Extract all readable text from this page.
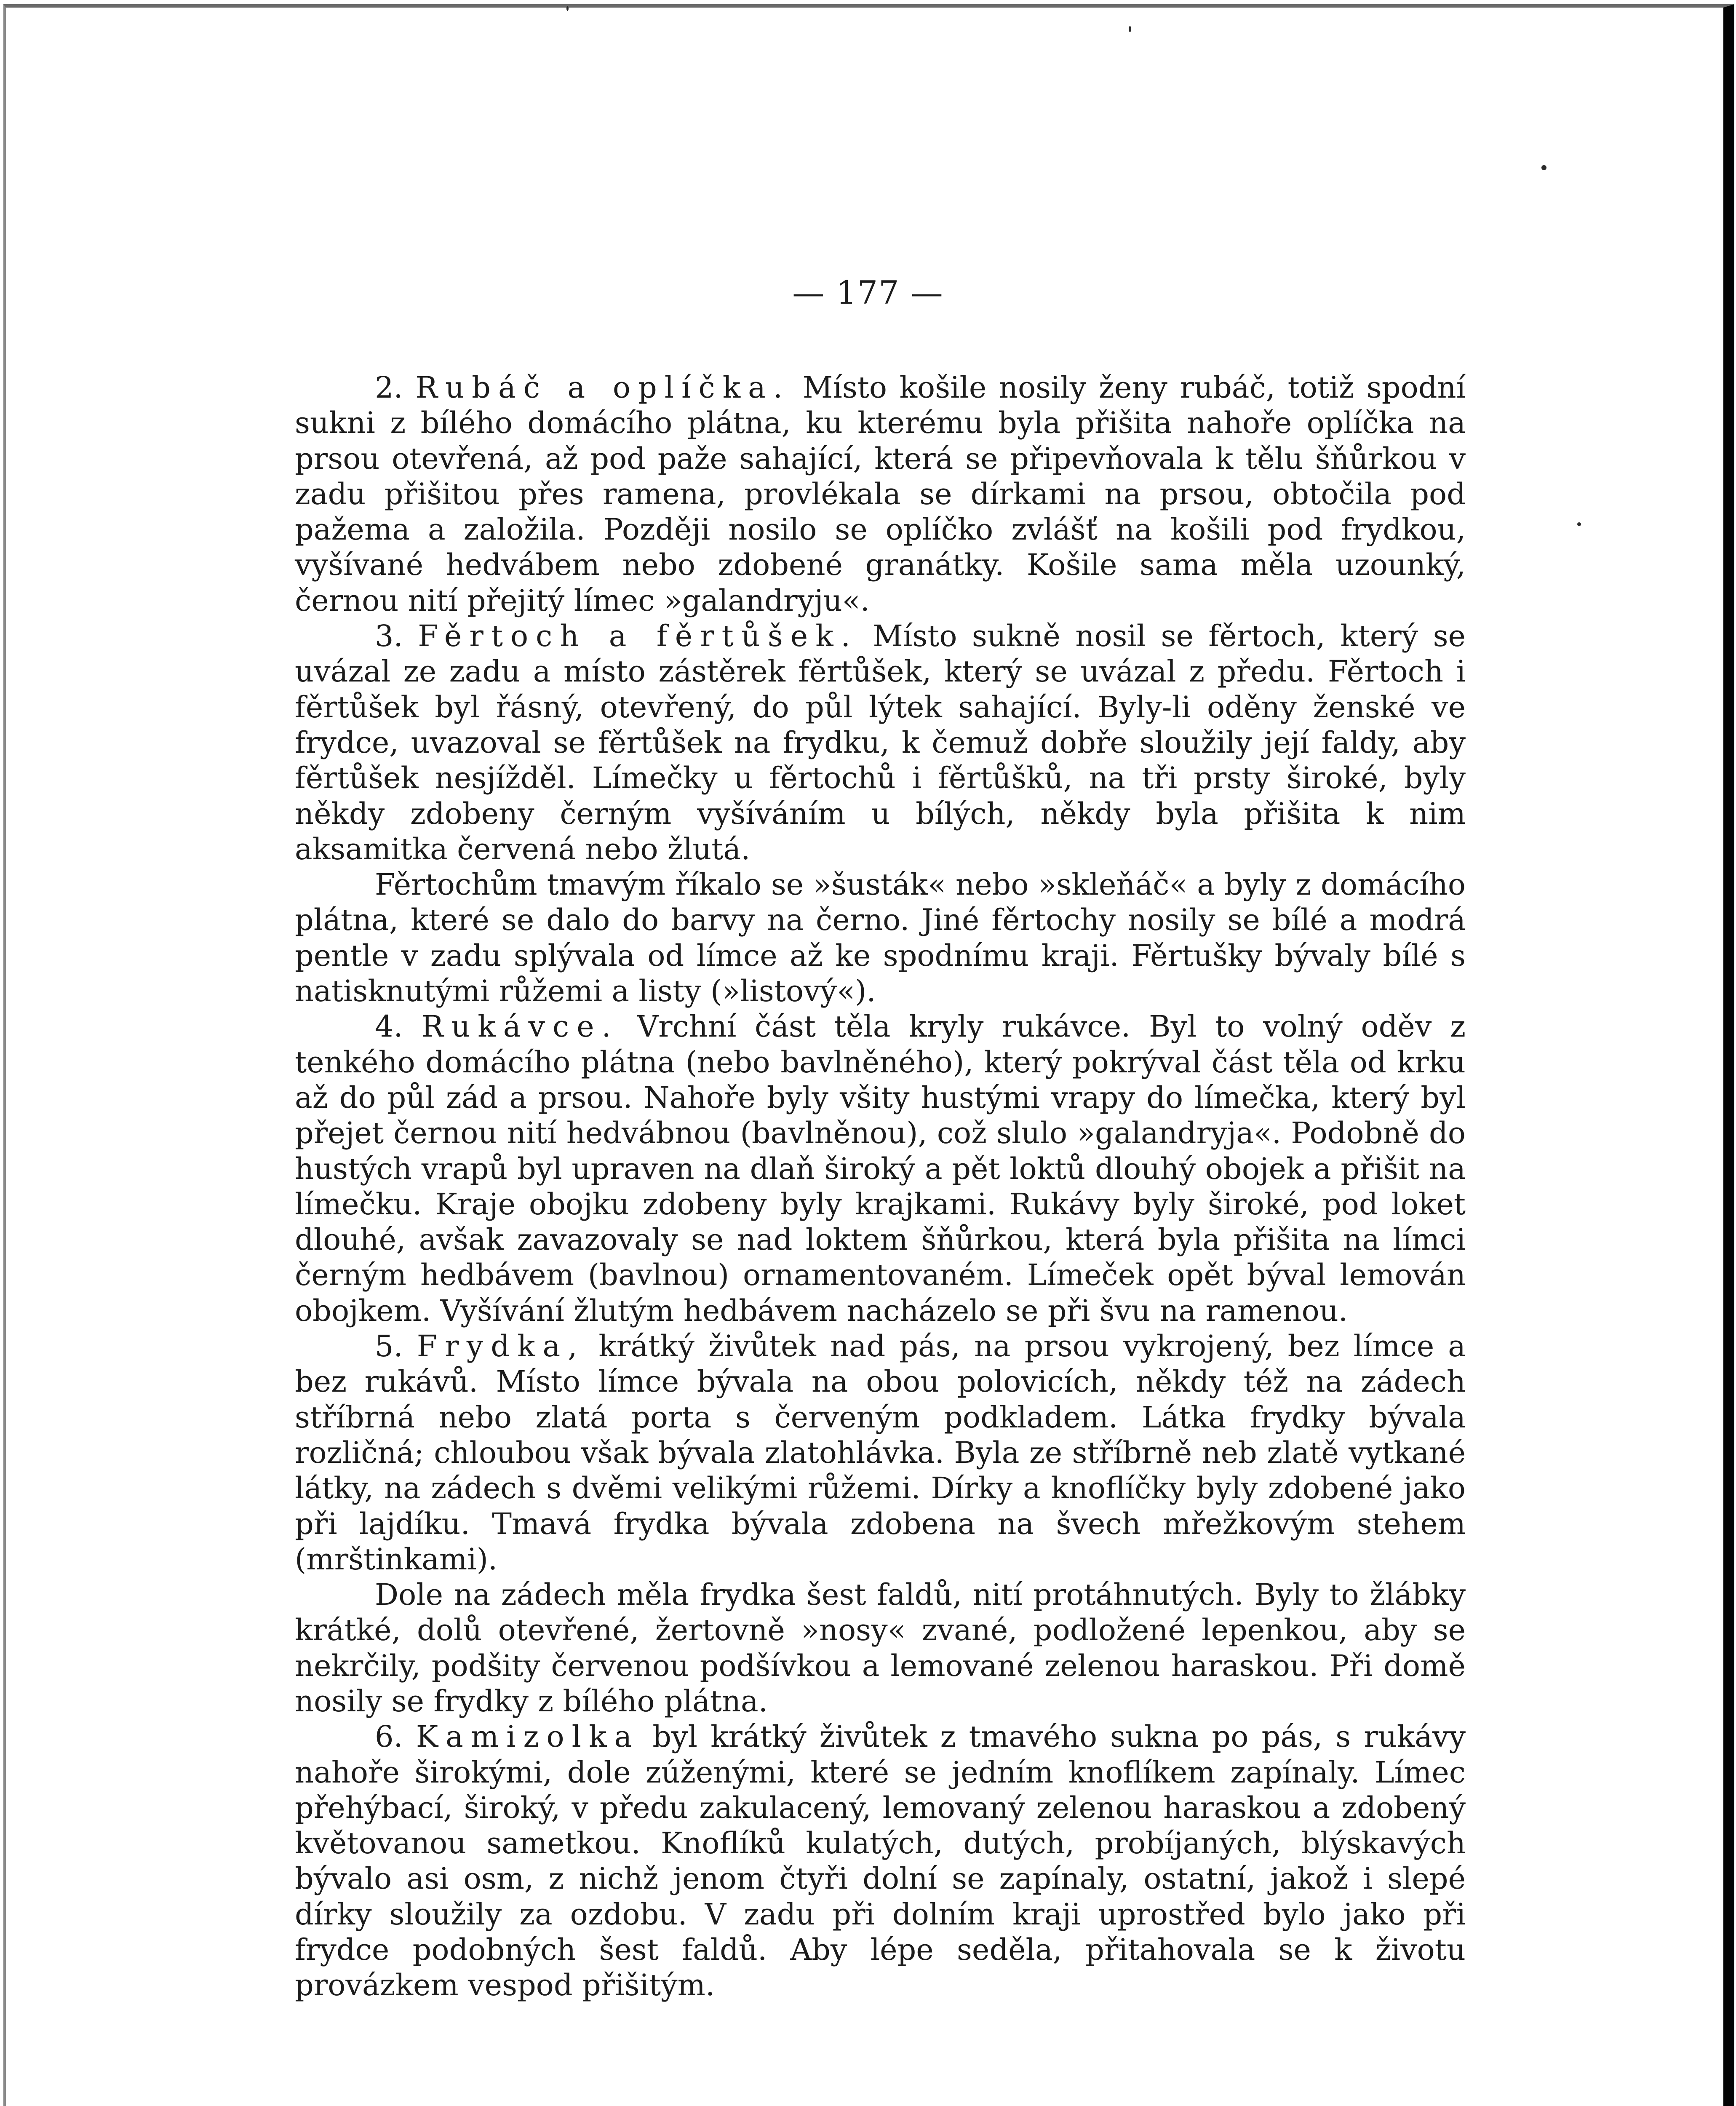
— 177 —

2. Rubáč a oplíčka. Místo košile nosily ženy rubáč, totiž spodní sukni z bílého domácího plátna, ku kterému byla přišita nahoře oplíčka na prsou otevřená, až pod paže sahající, která se připevňovala k tělu šňůrkou v zadu přišitou přes ramena, provlékala se dírkami na prsou, obtočila pod pažema a založila. Později nosilo se oplíčko zvlášť na košili pod frydkou, vyšívané hedvábem nebo zdobené granátky. Košile sama měla uzounký, černou nití přejitý límec »galandryju«.

3. Fěrtoch a fěrtůšek. Místo sukně nosil se fěrtoch, který se uvázal ze zadu a místo zástěrek fěrtůšek, který se uvázal z předu. Fěrtoch i fěrtůšek byl řásný, otevřený, do půl lýtek sahající. Byly-li oděny ženské ve frydce, uvazoval se fěrtůšek na frydku, k čemuž dobře sloužily její faldy, aby fěrtůšek nesjížděl. Límečky u fěrtochů i fěrtůšků, na tři prsty široké, byly někdy zdobeny černým vyšíváním u bílých, někdy byla přišita k nim aksamitka červená nebo žlutá.

Fěrtochům tmavým říkalo se »šusták« nebo »skleňáč« a byly z domácího plátna, které se dalo do barvy na černo. Jiné fěrtochy nosily se bílé a modrá pentle v zadu splývala od límce až ke spodnímu kraji. Fěrtušky bývaly bílé s natisknutými růžemi a listy (»listový«).

4. Rukávce. Vrchní část těla kryly rukávce. Byl to volný oděv z tenkého domácího plátna (nebo bavlněného), který pokrýval část těla od krku až do půl zád a prsou. Nahoře byly všity hustými vrapy do límečka, který byl přejet černou nití hedvábnou (bavlněnou), což slulo »galandryja«. Podobně do hustých vrapů byl upraven na dlaň široký a pět loktů dlouhý obojek a přišit na límečku. Kraje obojku zdobeny byly krajkami. Rukávy byly široké, pod loket dlouhé, avšak zavazovaly se nad loktem šňůrkou, která byla přišita na límci černým hedbávem (bavlnou) ornamentovaném. Límeček opět býval lemován obojkem. Vyšívání žlutým hedbávem nacházelo se při švu na ramenou.

5. Frydka, krátký živůtek nad pás, na prsou vykrojený, bez límce a bez rukávů. Místo límce bývala na obou polovicích, někdy též na zádech stříbrná nebo zlatá porta s červeným podkladem. Látka frydky bývala rozličná; chloubou však bývala zlatohlávka. Byla ze stříbrně neb zlatě vytkané látky, na zádech s dvěmi velikými růžemi. Dírky a knoflíčky byly zdobené jako při lajdíku. Tmavá frydka bývala zdobena na švech mřežkovým stehem (mrštinkami).

Dole na zádech měla frydka šest faldů, nití protáhnutých. Byly to žlábky krátké, dolů otevřené, žertovně »nosy« zvané, podložené lepenkou, aby se nekrčily, podšity červenou podšívkou a lemované zelenou haraskou. Při domě nosily se frydky z bílého plátna.

6. Kamizolka byl krátký živůtek z tmavého sukna po pás, s rukávy nahoře širokými, dole zúženými, které se jedním knoflíkem zapínaly. Límec přehýbací, široký, v předu zakulacený, lemovaný zelenou haraskou a zdobený květovanou sametkou. Knoflíků kulatých, dutých, probíjaných, blýskavých bývalo asi osm, z nichž jenom čtyři dolní se zapínaly, ostatní, jakož i slepé dírky sloužily za ozdobu. V zadu při dolním kraji uprostřed bylo jako při frydce podobných šest faldů. Aby lépe seděla, přitahovala se k životu provázkem vespod přišitým.
